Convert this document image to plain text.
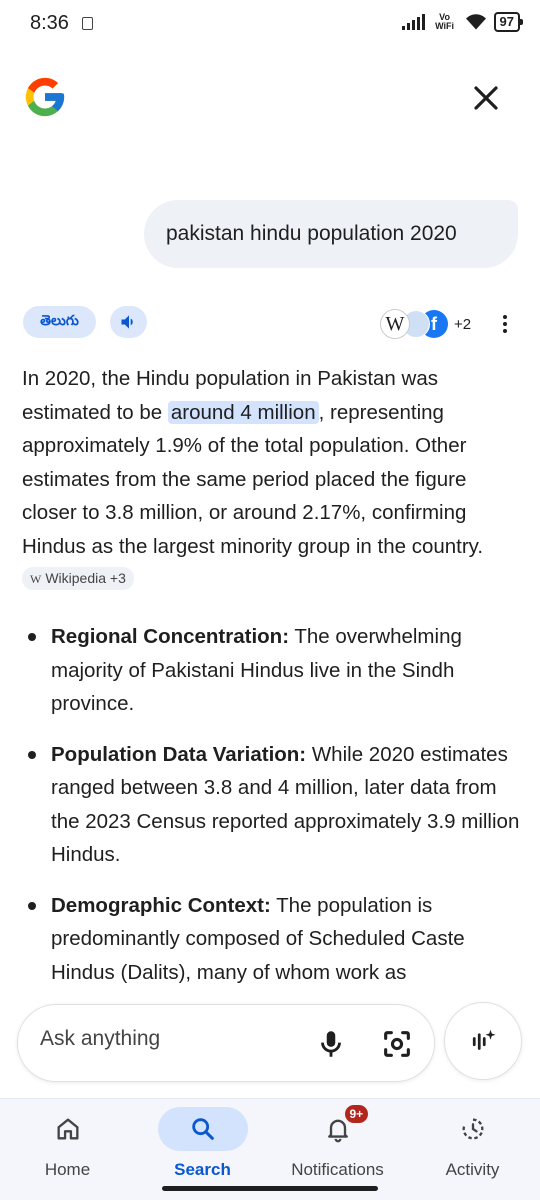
8:36	Vo WiFi	97
pakistan hindu population 2020
తెలుగు	W	f	+2
In 2020, the Hindu population in Pakistan was estimated to be around 4 million , representing approximately 1.9% of the total population. Other estimates from the same period placed the figure closer to 3.8 million, or around 2.17%, confirming Hindus as the largest minority group in the country. W Wikipedia +3
Regional Concentration: The overwhelming majority of Pakistani Hindus live in the Sindh province.
Population Data Variation: While 2020 estimates ranged between 3.8 and 4 million, later data from the 2023 Census reported approximately 3.9 million Hindus.
Demographic Context: The population is predominantly composed of Scheduled Caste Hindus (Dalits), many of whom work as
Ask anything
Home	Search
9+
Notifications	Activity
